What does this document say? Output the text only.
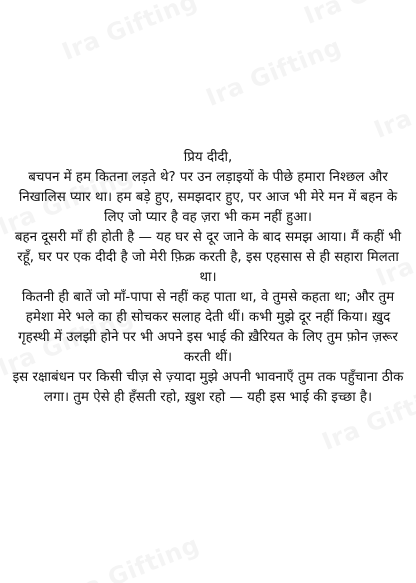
प्रिय दीदी,

बचपन में हम कितना लड़ते थे? पर उन लड़ाइयों के पीछे हमारा निश्छल और निखालिस प्यार था। हम बड़े हुए, समझदार हुए, पर आज भी मेरे मन में बहन के लिए जो प्यार है वह ज़रा भी कम नहीं हुआ।

बहन दूसरी माँ ही होती है — यह घर से दूर जाने के बाद समझ आया। मैं कहीं भी रहूँ, घर पर एक दीदी है जो मेरी फ़िक्र करती है, इस एहसास से ही सहारा मिलता था।

कितनी ही बातें जो माँ-पापा से नहीं कह पाता था, वे तुमसे कहता था; और तुम हमेशा मेरे भले का ही सोचकर सलाह देती थीं। कभी मुझे दूर नहीं किया। ख़ुद गृहस्थी में उलझी होने पर भी अपने इस भाई की ख़ैरियत के लिए तुम फ़ोन ज़रूर करती थीं।

इस रक्षाबंधन पर किसी चीज़ से ज़्यादा मुझे अपनी भावनाएँ तुम तक पहुँचाना ठीक लगा। तुम ऐसे ही हँसती रहो, ख़ुश रहो — यही इस भाई की इच्छा है।
